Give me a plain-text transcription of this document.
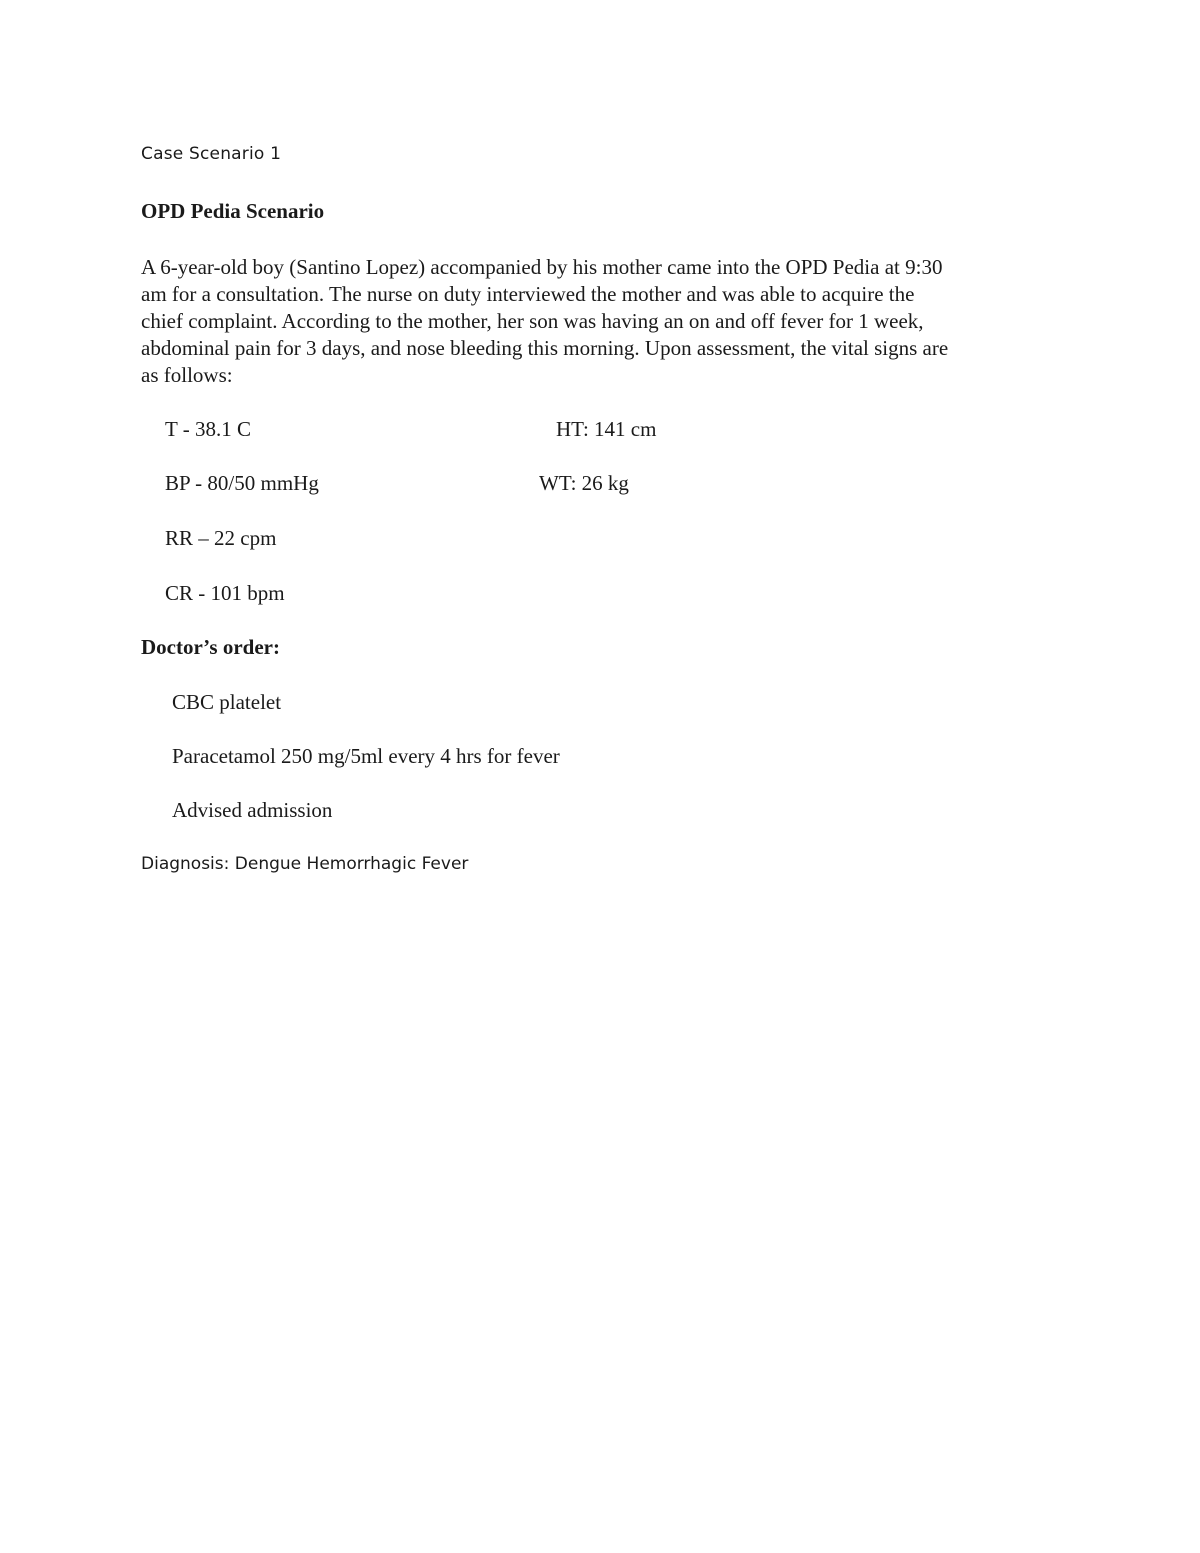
Case Scenario 1
OPD Pedia Scenario
A 6-year-old boy (Santino Lopez) accompanied by his mother came into the OPD Pedia at 9:30
am for a consultation. The nurse on duty interviewed the mother and was able to acquire the
chief complaint. According to the mother, her son was having an on and off fever for 1 week,
abdominal pain for 3 days, and nose bleeding this morning. Upon assessment, the vital signs are
as follows:
T - 38.1 C
BP - 80/50 mmHg
RR – 22 cpm
CR - 101 bpm
HT: 141 cm
WT: 26 kg
Doctor’s order:
CBC platelet
Paracetamol 250 mg/5ml every 4 hrs for fever
Advised admission
Diagnosis: Dengue Hemorrhagic Fever
